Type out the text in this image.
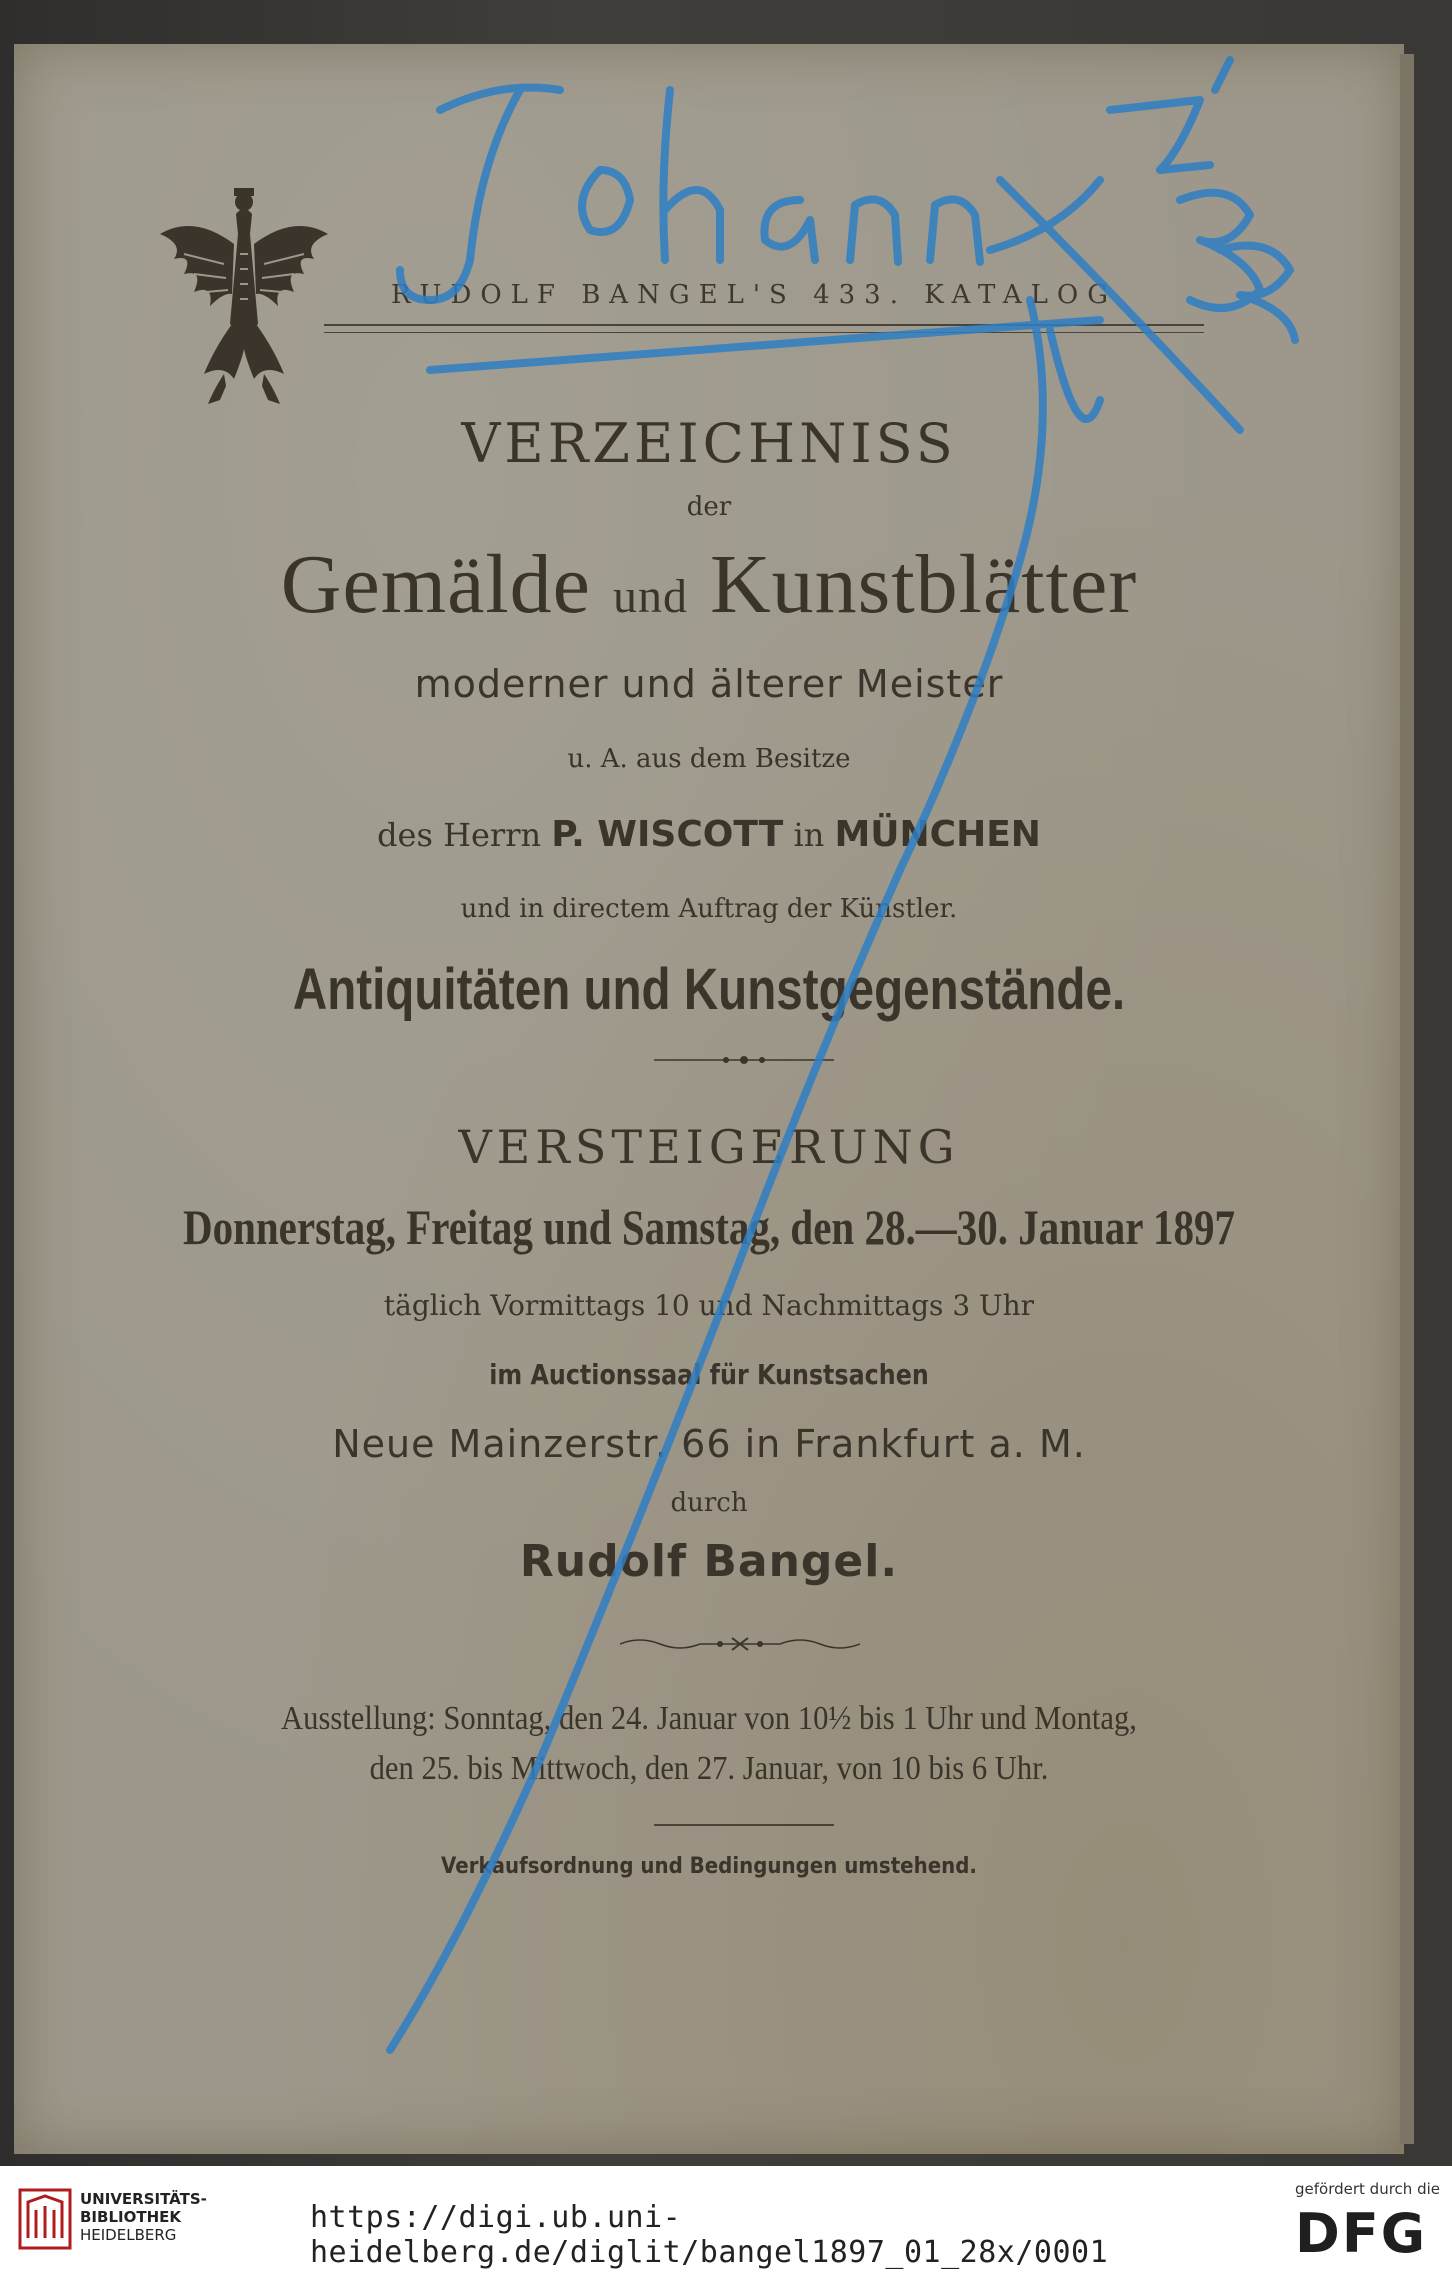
RUDOLF BANGEL'S 433. KATALOG
VERZEICHNISS
der
Gemälde und Kunstblätter
moderner und älterer Meister
u. A. aus dem Besitze
des Herrn P. WISCOTT in MÜNCHEN
und in directem Auftrag der Künstler.
Antiquitäten und Kunstgegenstände.
VERSTEIGERUNG
Donnerstag, Freitag und Samstag, den 28.—30. Januar 1897
täglich Vormittags 10 und Nachmittags 3 Uhr
im Auctionssaal für Kunstsachen
Neue Mainzerstr. 66 in Frankfurt a. M.
durch
Rudolf Bangel.
Ausstellung: Sonntag, den 24. Januar von 10½ bis 1 Uhr und Montag,
den 25. bis Mittwoch, den 27. Januar, von 10 bis 6 Uhr.
Verkaufsordnung und Bedingungen umstehend.
UNIVERSITÄTS-
BIBLIOTHEK
HEIDELBERG	https://digi.ub.uni-heidelberg.de/diglit/bangel1897_01_28x/0001
gefördert durch die
DFG
